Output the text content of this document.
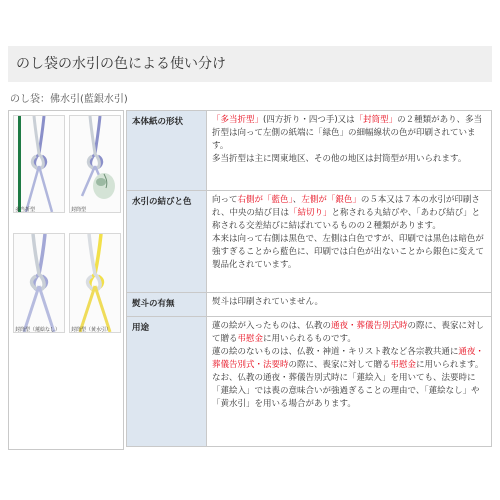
のし袋の水引の色による使い分け
のし袋：佛水引(藍銀水引)
多当折型	封筒型
封筒型（蓮絵なし） 封筒型（黄水引）
本体紙の形状	「多当折型」(四方折り・四つ手)又は「封筒型」の２種類があり、多当折型は向って左側の紙端に「緑色」の細幅線状の色が印刷されています。
多当折型は主に関東地区、その他の地区は封筒型が用いられます。
水引の結びと色	向って右側が「藍色」、左側が「銀色」の５本又は７本の水引が印刷され、中央の結び目は「結切り」と称される丸結びや、「あわび結び」と称される交差結びに結ばれているものの２種類があります。
本来は向って右側は黒色で、左側は白色ですが、印刷では黒色は暗色が強すぎることから藍色に、印刷では白色が出ないことから銀色に変えて製品化されています。
熨斗の有無	熨斗は印刷されていません。
用途	蓮の絵が入ったものは、仏教の通夜・葬儀告別式時の際に、喪家に対して贈る弔慰金に用いられるものです。
蓮の絵のないものは、仏教・神道・キリスト教など各宗教共通に通夜・葬儀告別式・法要時の際に、喪家に対して贈る弔慰金に用いられます。
なお、仏教の通夜・葬儀告別式時に「蓮絵入」を用いても、法要時に「蓮絵入」では喪の意味合いが強過ぎることの理由で、「蓮絵なし」や「黄水引」を用いる場合があります。
